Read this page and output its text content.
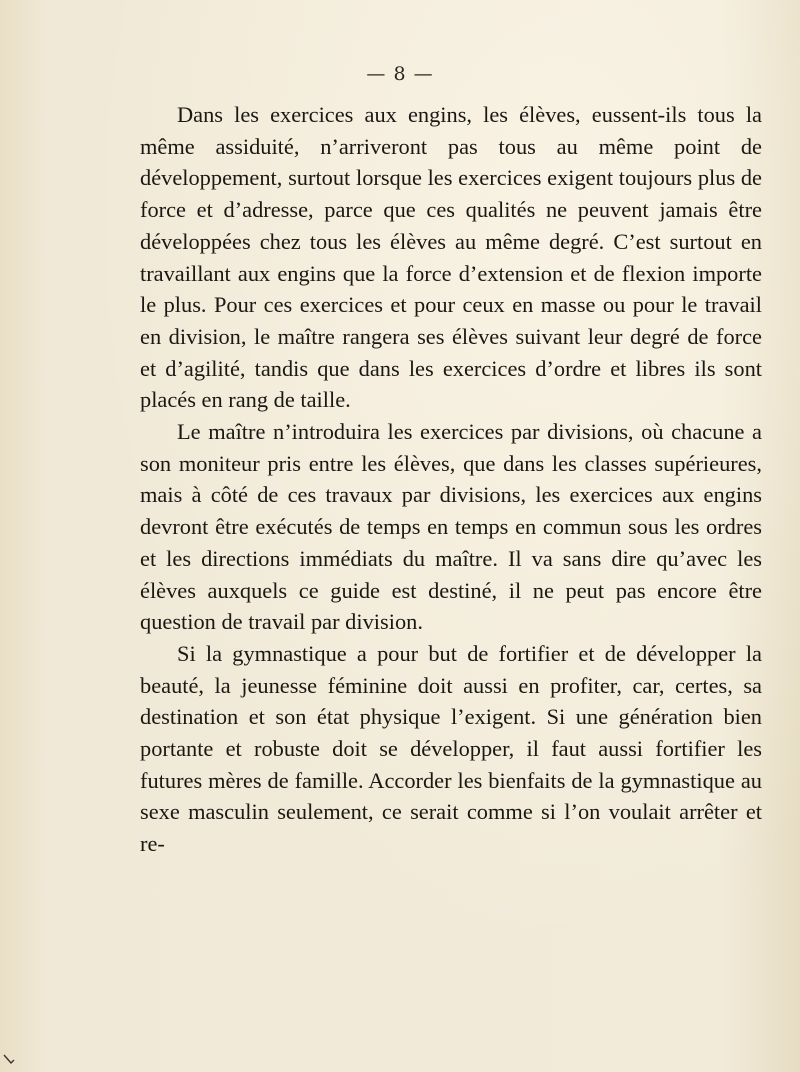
— 8 —

Dans les exercices aux engins, les élèves, eussent-ils tous la même assiduité, n’arriveront pas tous au même point de développement, surtout lorsque les exercices exigent toujours plus de force et d’adresse, parce que ces qualités ne peuvent jamais être développées chez tous les élèves au même degré. C’est surtout en travaillant aux engins que la force d’extension et de flexion importe le plus. Pour ces exercices et pour ceux en masse ou pour le travail en division, le maître rangera ses élèves suivant leur degré de force et d’agilité, tandis que dans les exercices d’ordre et libres ils sont placés en rang de taille.

Le maître n’introduira les exercices par divisions, où chacune a son moniteur pris entre les élèves, que dans les classes supérieures, mais à côté de ces travaux par divisions, les exercices aux engins devront être exécutés de temps en temps en commun sous les ordres et les directions immédiats du maître. Il va sans dire qu’avec les élèves auxquels ce guide est destiné, il ne peut pas encore être question de travail par division.

Si la gymnastique a pour but de fortifier et de développer la beauté, la jeunesse féminine doit aussi en profiter, car, certes, sa destination et son état physique l’exigent. Si une génération bien portante et robuste doit se développer, il faut aussi fortifier les futures mères de famille. Accorder les bienfaits de la gymnastique au sexe masculin seulement, ce serait comme si l’on voulait arrêter et re-
